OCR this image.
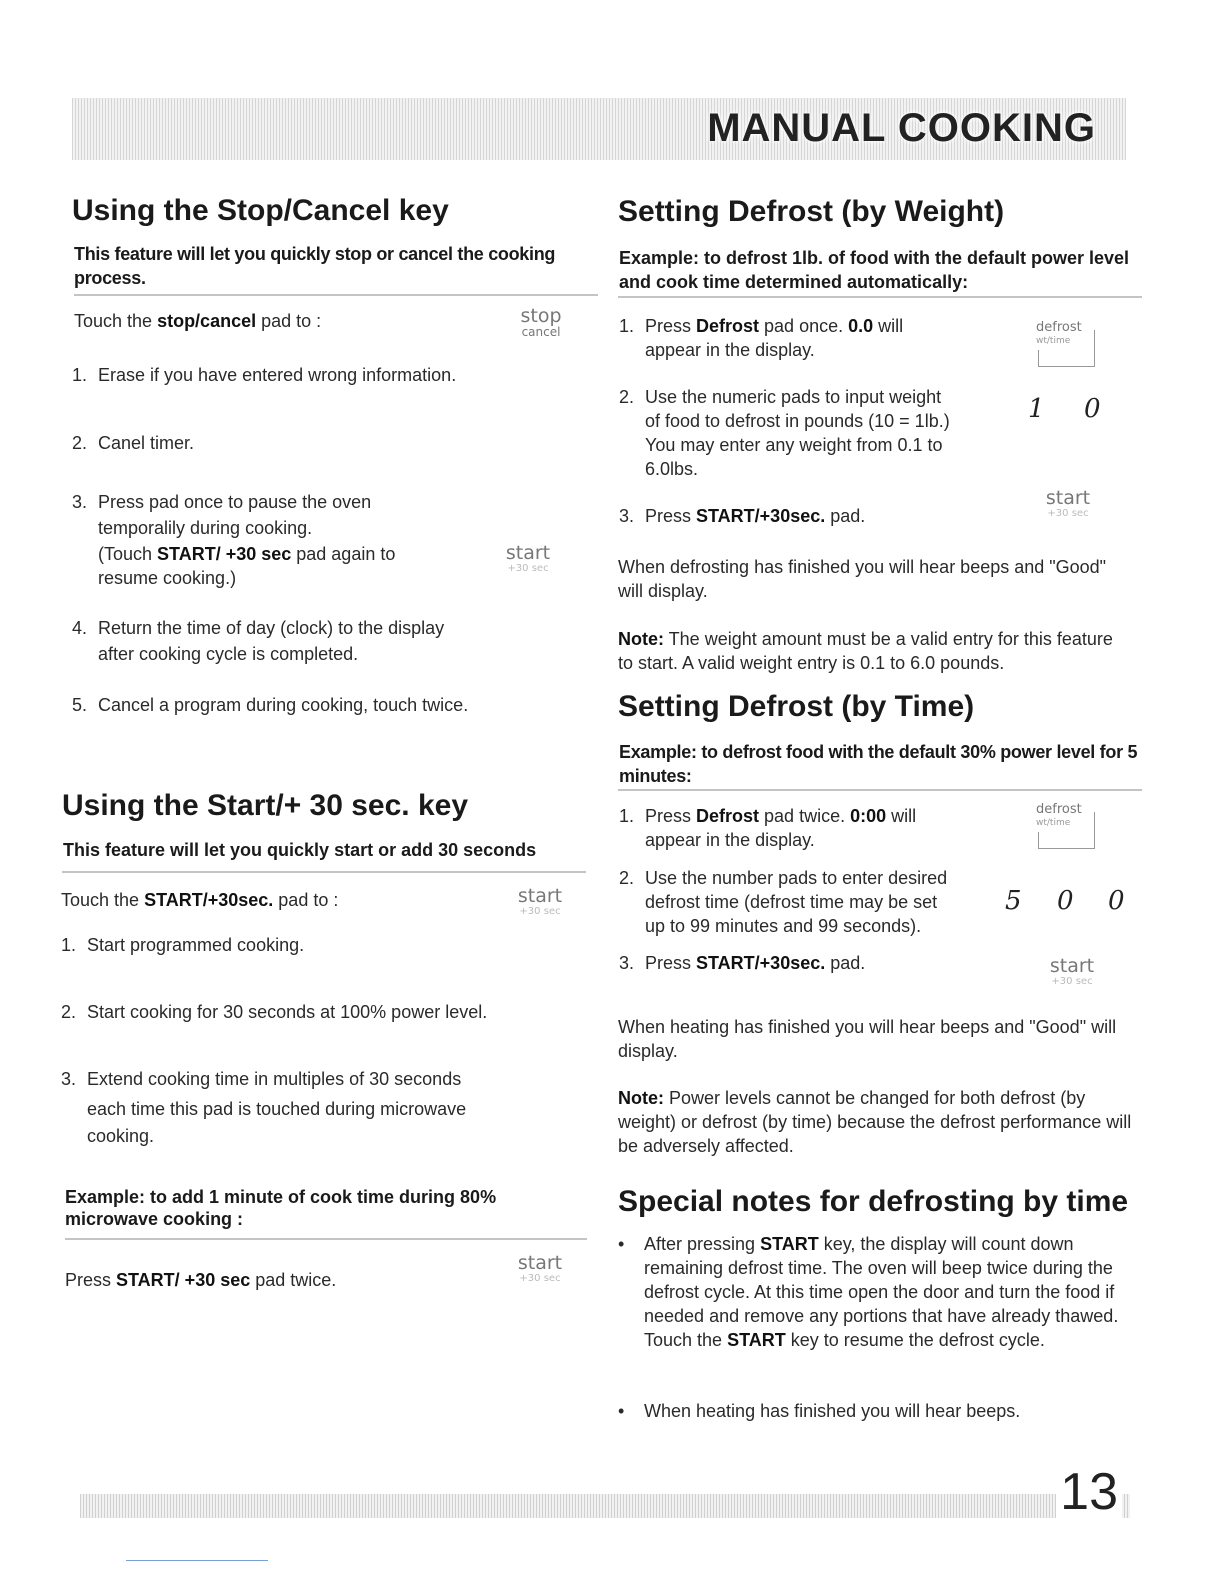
MANUAL COOKING
Using the Stop/Cancel key
This feature will let you quickly stop or cancel the cooking process.
Touch the stop/cancel pad to :	stop
cancel
1. Erase if you have entered wrong information.
2. Canel timer.
3. Press pad once to pause the oven
temporalily during cooking.
(Touch START/ +30 sec pad again to
resume cooking.)
start
+30 sec
4. Return the time of day (clock) to the display
after cooking cycle is completed.
5. Cancel a program during cooking, touch twice.
Using the Start/+ 30 sec. key
This feature will let you quickly start or add 30 seconds
Touch the START/+30sec. pad to :	start
+30 sec
1. Start programmed cooking.
2. Start cooking for 30 seconds at 100% power level.
3. Extend cooking time in multiples of 30 seconds
each time this pad is touched during microwave
cooking.
Example: to add 1 minute of cook time during 80% microwave cooking :
Press START/ +30 sec pad twice.
start
+30 sec
Setting Defrost (by Weight)
Example: to defrost 1lb. of food with the default power level and cook time determined automatically:
1. Press Defrost pad once. 0.0 will
appear in the display.
defrost
wt/time
2. Use the numeric pads to input weight
of food to defrost in pounds (10 = 1lb.)
You may enter any weight from 0.1 to
6.0lbs.
1 0
3. Press START/+30sec. pad.
start
+30 sec
When defrosting has finished you will hear beeps and "Good" will display.
Note: The weight amount must be a valid entry for this feature to start. A valid weight entry is 0.1 to 6.0 pounds.
Setting Defrost (by Time)
Example: to defrost food with the default 30% power level for 5 minutes:
1. Press Defrost pad twice. 0:00 will
appear in the display.
defrost
wt/time
2. Use the number pads to enter desired
defrost time (defrost time may be set
up to 99 minutes and 99 seconds).
5 0 0
3. Press START/+30sec. pad.	start
+30 sec
When heating has finished you will hear beeps and "Good" will display.
Note: Power levels cannot be changed for both defrost (by weight) or defrost (by time) because the defrost performance will be adversely affected.
Special notes for defrosting by time
•	After pressing START key, the display will count down remaining defrost time. The oven will beep twice during the defrost cycle. At this time open the door and turn the food if needed and remove any portions that have already thawed. Touch the START key to resume the defrost cycle.
• When heating has finished you will hear beeps.
13
